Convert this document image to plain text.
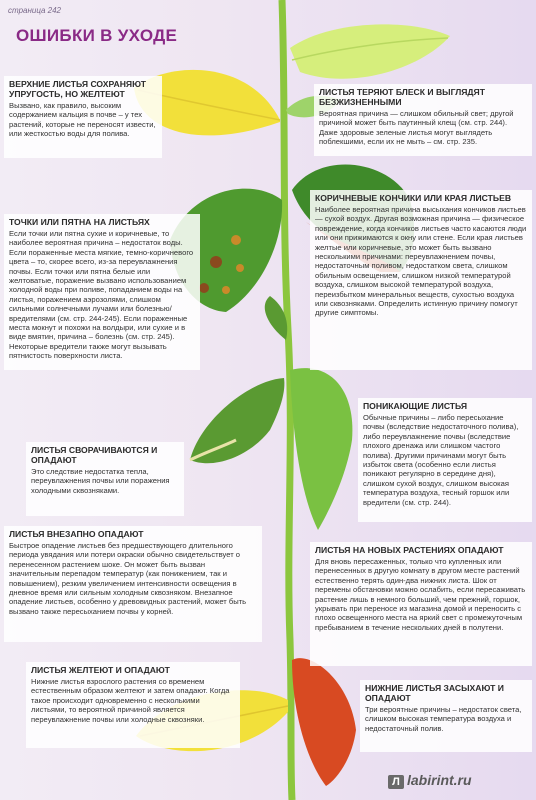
страница 242
ОШИБКИ В УХОДЕ
ВЕРХНИЕ ЛИСТЬЯ СОХРАНЯЮТ УПРУГОСТЬ, НО ЖЕЛТЕЮТ
Вызвано, как правило, высоким содержанием кальция в почве – у тех растений, которые не переносят извести, или жесткостью воды для полива.
ЛИСТЬЯ ТЕРЯЮТ БЛЕСК И ВЫГЛЯДЯТ БЕЗЖИЗНЕННЫМИ
Вероятная причина — слишком обильный свет; другой причиной может быть паутинный клещ (см. стр. 244). Даже здоровые зеленые листья могут выглядеть поблекшими, если их не мыть – см. стр. 235.
КОРИЧНЕВЫЕ КОНЧИКИ ИЛИ КРАЯ ЛИСТЬЕВ
Наиболее вероятная причина высыхания кончиков листьев — сухой воздух. Другая возможная причина — физическое повреждение, когда кончиков листьев часто касаются люди или они прижимаются к окну или стене. Если края листьев желтые или коричневые, это может быть вызвано несколькими причинами: переувлажнением почвы, недостаточным поливом, недостатком света, слишком обильным освещением, слишком низкой температурой воздуха, слишком высокой температурой воздуха, переизбытком минеральных веществ, сухостью воздуха или сквозняками. Определить истинную причину помогут другие симптомы.
ТОЧКИ ИЛИ ПЯТНА НА ЛИСТЬЯХ
Если точки или пятна сухие и коричневые, то наиболее вероятная причина – недостаток воды. Если пораженные места мягкие, темно-коричневого цвета – то, скорее всего, из-за переувлажнения почвы. Если точки или пятна белые или желтоватые, поражение вызвано использованием холодной воды при поливе, попаданием воды на листья, поражением аэрозолями, слишком сильными солнечными лучами или болезнью/вредителями (см. стр. 244-245). Если пораженные места мокнут и похожи на волдыри, или сухие и в виде вмятин, причина – болезнь (см. стр. 245). Некоторые вредители также могут вызывать пятнистость поверхности листа.
ПОНИКАЮЩИЕ ЛИСТЬЯ
Обычные причины – либо пересыхание почвы (вследствие недостаточного полива), либо переувлажнение почвы (вследствие плохого дренажа или слишком частого полива). Другими причинами могут быть избыток света (особенно если листья поникают регулярно в середине дня), слишком сухой воздух, слишком высокая температура воздуха, тесный горшок или вредители (см. стр. 244).
ЛИСТЬЯ СВОРАЧИВАЮТСЯ И ОПАДАЮТ
Это следствие недостатка тепла, переувлажнения почвы или поражения холодными сквозняками.
ЛИСТЬЯ ВНЕЗАПНО ОПАДАЮТ
Быстрое опадение листьев без предшествующего длительного периода увядания или потери окраски обычно свидетельствует о перенесенном растением шоке. Он может быть вызван значительным перепадом температур (как понижением, так и повышением), резким увеличением интенсивности освещения в дневное время или сильным холодным сквозняком. Внезапное опадение листьев, особенно у древовидных растений, может быть вызвано также пересыханием почвы у корней.
ЛИСТЬЯ НА НОВЫХ РАСТЕНИЯХ ОПАДАЮТ
Для вновь пересаженных, только что купленных или перенесенных в другую комнату в другом месте растений естественно терять один-два нижних листа. Шок от перемены обстановки можно ослабить, если пересаживать растение лишь в немного больший, чем прежний, горшок, укрывать при переносе из магазина домой и переносить с плохо освещенного места на яркий свет с промежуточным пребыванием в течение нескольких дней в полутени.
ЛИСТЬЯ ЖЕЛТЕЮТ И ОПАДАЮТ
Нижние листья взрослого растения со временем естественным образом желтеют и затем опадают. Когда такое происходит одновременно с несколькими листьями, то вероятной причиной является переувлажнение почвы или холодные сквозняки.
НИЖНИЕ ЛИСТЬЯ ЗАСЫХАЮТ И ОПАДАЮТ
Три вероятные причины – недостаток света, слишком высокая температура воздуха и недостаточный полив.
Л labirint.ru
